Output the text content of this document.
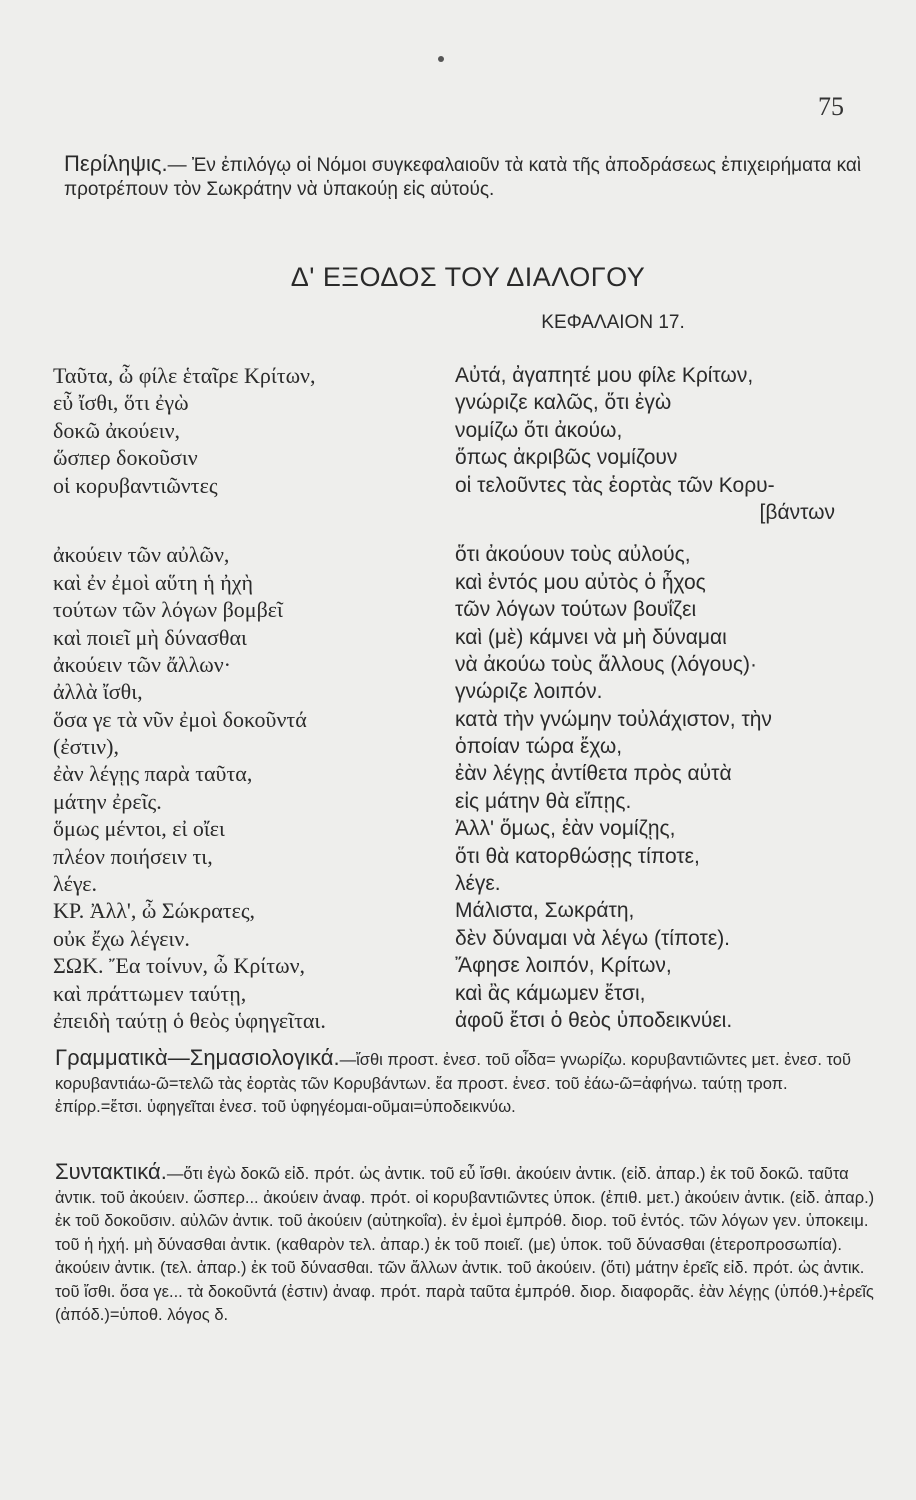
75
Περίληψις.— Ἐν ἐπιλόγῳ οἱ Νόμοι συγκεφαλαιοῦν τὰ κατὰ τῆς ἀποδράσεως ἐπιχειρήματα καὶ προτρέπουν τὸν Σωκράτην νὰ ὑπακούῃ εἰς αὐτούς.
Δ' ΕΞΟΔΟΣ ΤΟΥ ΔΙΑΛΟΓΟΥ
ΚΕΦΑΛΑΙΟΝ 17.
Ταῦτα, ὦ φίλε ἑταῖρε Κρίτων,
εὖ ἴσθι, ὅτι ἐγὼ
δοκῶ ἀκούειν,
ὥσπερ δοκοῦσιν
οἱ κορυβαντιῶντες
ἀκούειν τῶν αὐλῶν,
καὶ ἐν ἐμοὶ αὕτη ἡ ἠχὴ
τούτων τῶν λόγων βομβεῖ
καὶ ποιεῖ μὴ δύνασθαι
ἀκούειν τῶν ἄλλων·
ἀλλὰ ἴσθι,
ὅσα γε τὰ νῦν ἐμοὶ δοκοῦντά
(ἐστιν),
ἐὰν λέγῃς παρὰ ταῦτα,
μάτην ἐρεῖς.
ὅμως μέντοι, εἰ οἴει
πλέον ποιήσειν τι,
λέγε.
ΚΡ. Ἀλλ', ὦ Σώκρατες,
οὐκ ἔχω λέγειν.
ΣΩΚ. Ἔα τοίνυν, ὦ Κρίτων,
καὶ πράττωμεν ταύτῃ,
ἐπειδὴ ταύτῃ ὁ θεὸς ὑφηγεῖται.
Αὐτά, ἀγαπητέ μου φίλε Κρίτων,
γνώριζε καλῶς, ὅτι ἐγὼ
νομίζω ὅτι ἀκούω,
ὅπως ἀκριβῶς νομίζουν
οἱ τελοῦντες τὰς ἑορτὰς τῶν Κορυ-
[βάντων
ὅτι ἀκούουν τοὺς αὐλούς,
καὶ ἐντός μου αὐτὸς ὁ ἦχος
τῶν λόγων τούτων βουΐζει
καὶ (μὲ) κάμνει νὰ μὴ δύναμαι
νὰ ἀκούω τοὺς ἄλλους (λόγους)·
γνώριζε λοιπόν.
κατὰ τὴν γνώμην τοὐλάχιστον, τὴν
ὁποίαν τώρα ἔχω,
ἐὰν λέγῃς ἀντίθετα πρὸς αὐτὰ
εἰς μάτην θὰ εἴπῃς.
Ἀλλ' ὅμως, ἐὰν νομίζῃς,
ὅτι θὰ κατορθώσῃς τίποτε,
λέγε.
Μάλιστα, Σωκράτη,
δὲν δύναμαι νὰ λέγω (τίποτε).
Ἄφησε λοιπόν, Κρίτων,
καὶ ἂς κάμωμεν ἔτσι,
ἀφοῦ ἔτσι ὁ θεὸς ὑποδεικνύει.
Γραμματικὰ—Σημασιολογικά.—ἴσθι προστ. ἐνεσ. τοῦ οἶδα= γνωρίζω. κορυβαντιῶντες μετ. ἐνεσ. τοῦ κορυβαντιάω-ῶ=τελῶ τὰς ἑορτὰς τῶν Κορυβάντων. ἔα προστ. ἐνεσ. τοῦ ἐάω-ῶ=ἀφήνω. ταύτῃ τροπ. ἐπίρρ.=ἔτσι. ὑφηγεῖται ἐνεσ. τοῦ ὑφηγέομαι-οῦμαι=ὑποδεικνύω.
Συντακτικά.—ὅτι ἐγὼ δοκῶ εἰδ. πρότ. ὡς ἀντικ. τοῦ εὖ ἴσθι. ἀκούειν ἀντικ. (εἰδ. ἀπαρ.) ἐκ τοῦ δοκῶ. ταῦτα ἀντικ. τοῦ ἀκούειν. ὥσπερ... ἀκούειν ἀναφ. πρότ. οἱ κορυβαντιῶντες ὑποκ. (ἐπιθ. μετ.) ἀκούειν ἀντικ. (εἰδ. ἀπαρ.) ἐκ τοῦ δοκοῦσιν. αὐλῶν ἀντικ. τοῦ ἀκούειν (αὐτηκοΐα). ἐν ἐμοὶ ἐμπρόθ. διορ. τοῦ ἐντός. τῶν λόγων γεν. ὑποκειμ. τοῦ ἡ ἠχή. μὴ δύνασθαι ἀντικ. (καθαρὸν τελ. ἀπαρ.) ἐκ τοῦ ποιεῖ. (με) ὑποκ. τοῦ δύνασθαι (ἑτεροπροσωπία). ἀκούειν ἀντικ. (τελ. ἀπαρ.) ἐκ τοῦ δύνασθαι. τῶν ἄλλων ἀντικ. τοῦ ἀκούειν. (ὅτι) μάτην ἐρεῖς εἰδ. πρότ. ὡς ἀντικ. τοῦ ἴσθι. ὅσα γε... τὰ δοκοῦντά (ἐστιν) ἀναφ. πρότ. παρὰ ταῦτα ἐμπρόθ. διορ. διαφορᾶς. ἐὰν λέγῃς (ὑπόθ.)+ἐρεῖς (ἀπόδ.)=ὑποθ. λόγος δ.
